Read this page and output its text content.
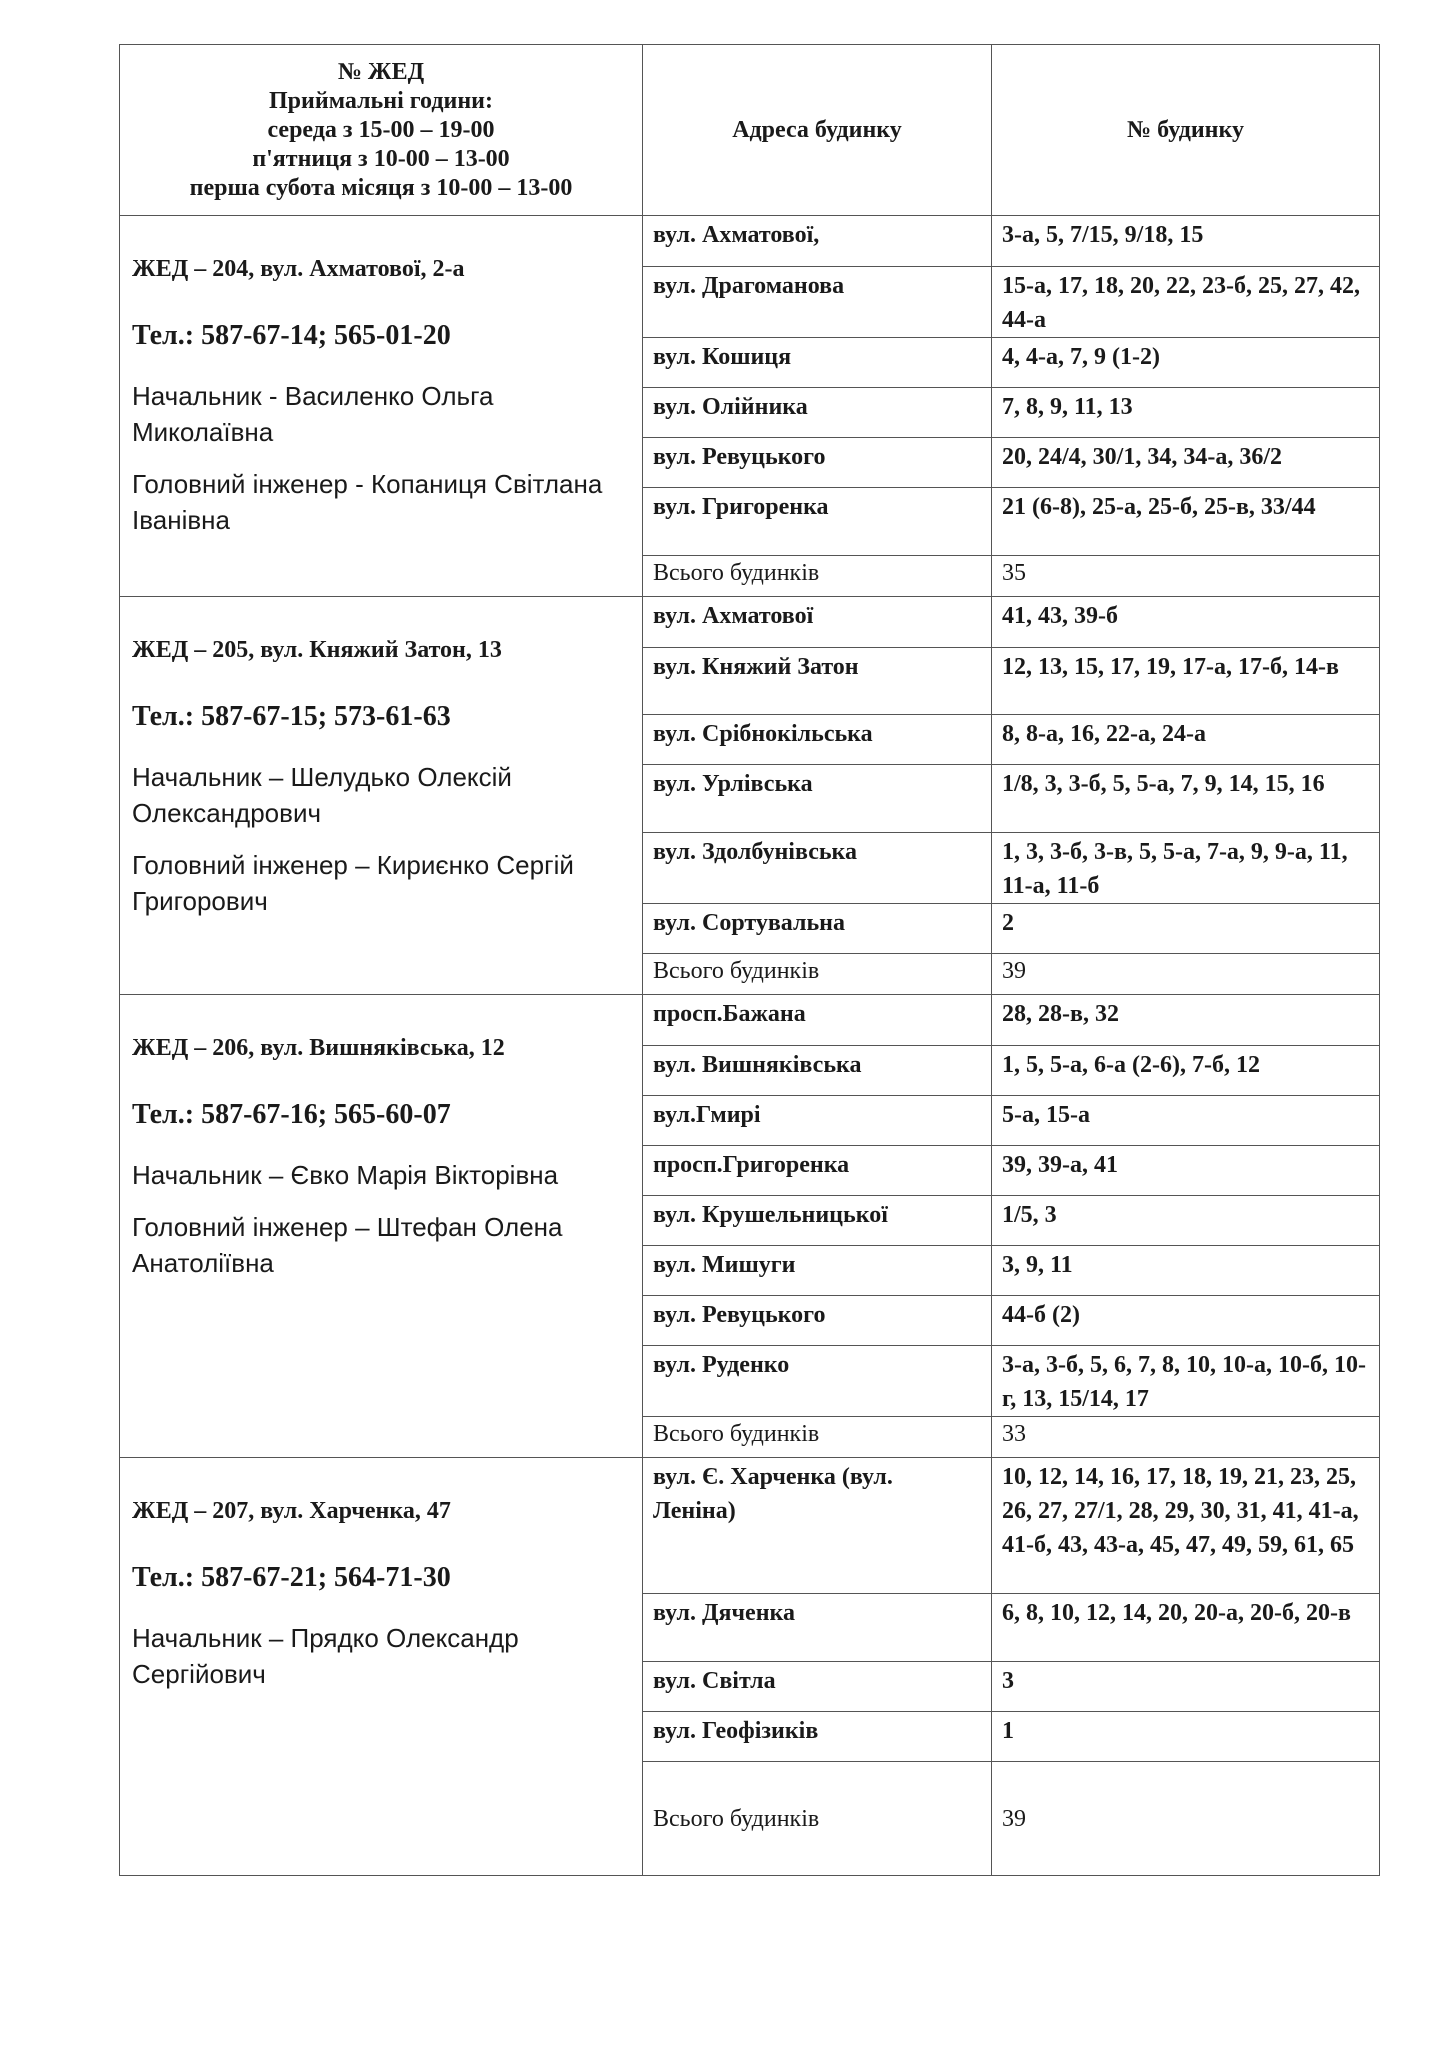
№ ЖЕД
Приймальні години:
середа з 15-00 – 19-00
п'ятниця з 10-00 – 13-00
перша субота місяця з 10-00 – 13-00	Адреса будинку	№ будинку

ЖЕД – 204, вул. Ахматової, 2-а
Тел.: 587-67-14; 565-01-20
Начальник - Василенко Ольга Миколаївна
Головний інженер - Копаниця Світлана Іванівна	вул. Ахматової,	3-а, 5, 7/15, 9/18, 15
	вул. Драгоманова	15-а, 17, 18, 20, 22, 23-б, 25, 27, 42, 44-а
	вул. Кошиця	4, 4-а, 7, 9 (1-2)
	вул. Олійника	7, 8, 9, 11, 13
	вул. Ревуцького	20, 24/4, 30/1, 34, 34-а, 36/2
	вул. Григоренка	21 (6-8), 25-а, 25-б, 25-в, 33/44
	Всього будинків	35

ЖЕД – 205, вул. Княжий Затон, 13
Тел.: 587-67-15; 573-61-63
Начальник – Шелудько Олексій Олександрович
Головний інженер – Кириєнко Сергій Григорович	вул. Ахматової	41, 43, 39-б
	вул. Княжий Затон	12, 13, 15, 17, 19, 17-а, 17-б, 14-в
	вул. Срібнокільська	8, 8-а, 16, 22-а, 24-а
	вул. Урлівська	1/8, 3, 3-б, 5, 5-а, 7, 9, 14, 15, 16
	вул. Здолбунівська	1, 3, 3-б, 3-в, 5, 5-а, 7-а, 9, 9-а, 11, 11-а, 11-б
	вул. Сортувальна	2
	Всього будинків	39

ЖЕД – 206, вул. Вишняківська, 12
Тел.: 587-67-16; 565-60-07
Начальник – Євко Марія Вікторівна
Головний інженер – Штефан Олена Анатоліївна	просп.Бажана	28, 28-в, 32
	вул. Вишняківська	1, 5, 5-а, 6-а (2-6), 7-б, 12
	вул.Гмирі	5-а, 15-а
	просп.Григоренка	39, 39-а, 41
	вул. Крушельницької	1/5, 3
	вул. Мишуги	3, 9, 11
	вул. Ревуцького	44-б (2)
	вул. Руденко	3-а, 3-б, 5, 6, 7, 8, 10, 10-а, 10-б, 10-г, 13, 15/14, 17
	Всього будинків	33

ЖЕД – 207, вул. Харченка, 47
Тел.: 587-67-21; 564-71-30
Начальник – Прядко Олександр Сергійович	вул. Є. Харченка (вул. Леніна)	10, 12, 14, 16, 17, 18, 19, 21, 23, 25, 26, 27, 27/1, 28, 29, 30, 31, 41, 41-а, 41-б, 43, 43-а, 45, 47, 49, 59, 61, 65
	вул. Дяченка	6, 8, 10, 12, 14, 20, 20-а, 20-б, 20-в
	вул. Світла	3
	вул. Геофізиків	1
	Всього будинків	39
